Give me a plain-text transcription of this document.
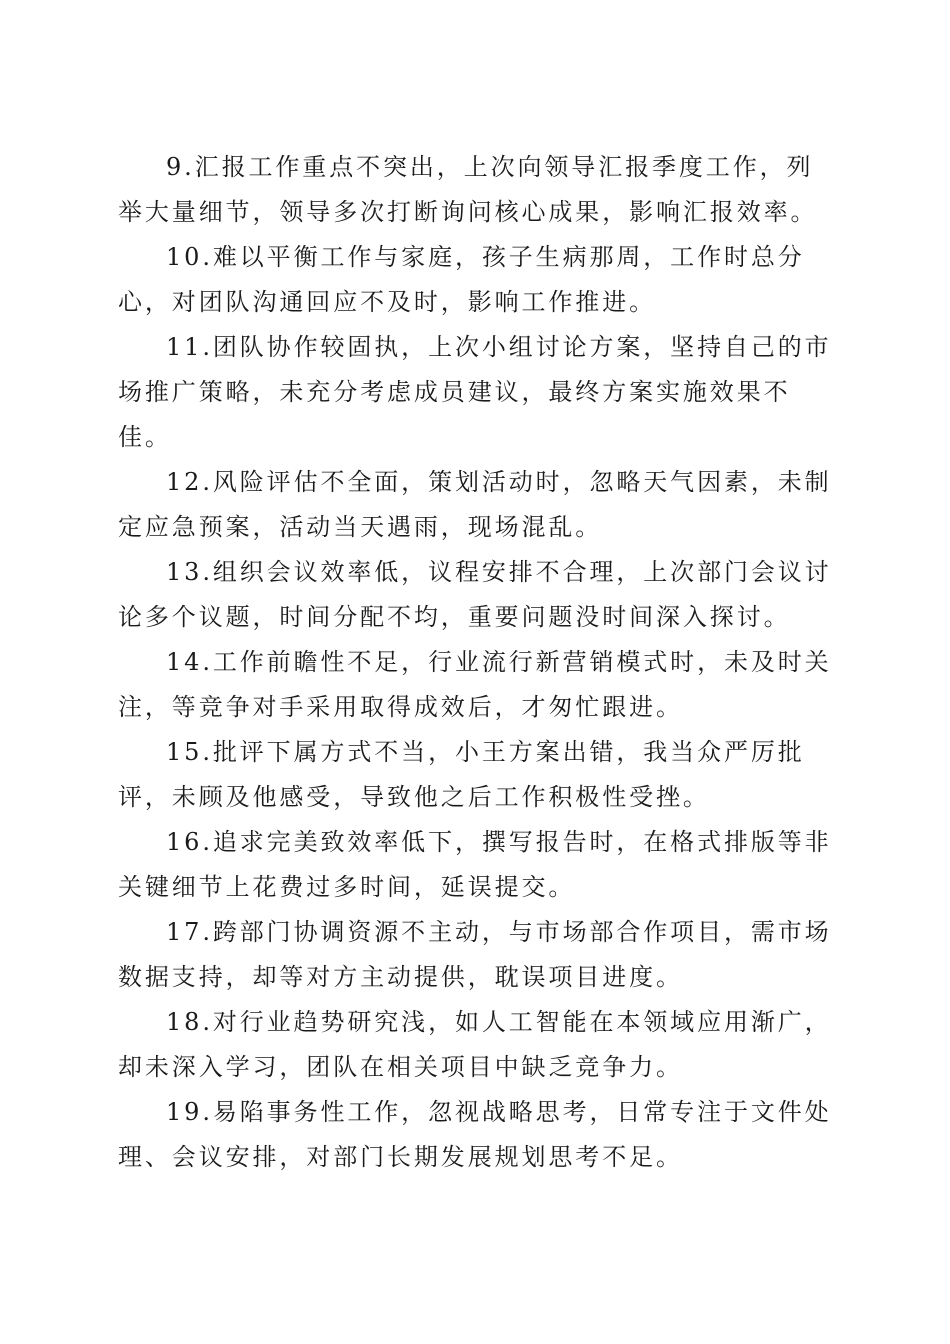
9.汇报工作重点不突出，上次向领导汇报季度工作，列举大量细节，领导多次打断询问核心成果，影响汇报效率。

10.难以平衡工作与家庭，孩子生病那周，工作时总分心，对团队沟通回应不及时，影响工作推进。

11.团队协作较固执，上次小组讨论方案，坚持自己的市场推广策略，未充分考虑成员建议，最终方案实施效果不佳。

12.风险评估不全面，策划活动时，忽略天气因素，未制定应急预案，活动当天遇雨，现场混乱。

13.组织会议效率低，议程安排不合理，上次部门会议讨论多个议题，时间分配不均，重要问题没时间深入探讨。

14.工作前瞻性不足，行业流行新营销模式时，未及时关注，等竞争对手采用取得成效后，才匆忙跟进。

15.批评下属方式不当，小王方案出错，我当众严厉批评，未顾及他感受，导致他之后工作积极性受挫。

16.追求完美致效率低下，撰写报告时，在格式排版等非关键细节上花费过多时间，延误提交。

17.跨部门协调资源不主动，与市场部合作项目，需市场数据支持，却等对方主动提供，耽误项目进度。

18.对行业趋势研究浅，如人工智能在本领域应用渐广，却未深入学习，团队在相关项目中缺乏竞争力。

19.易陷事务性工作，忽视战略思考，日常专注于文件处理、会议安排，对部门长期发展规划思考不足。
